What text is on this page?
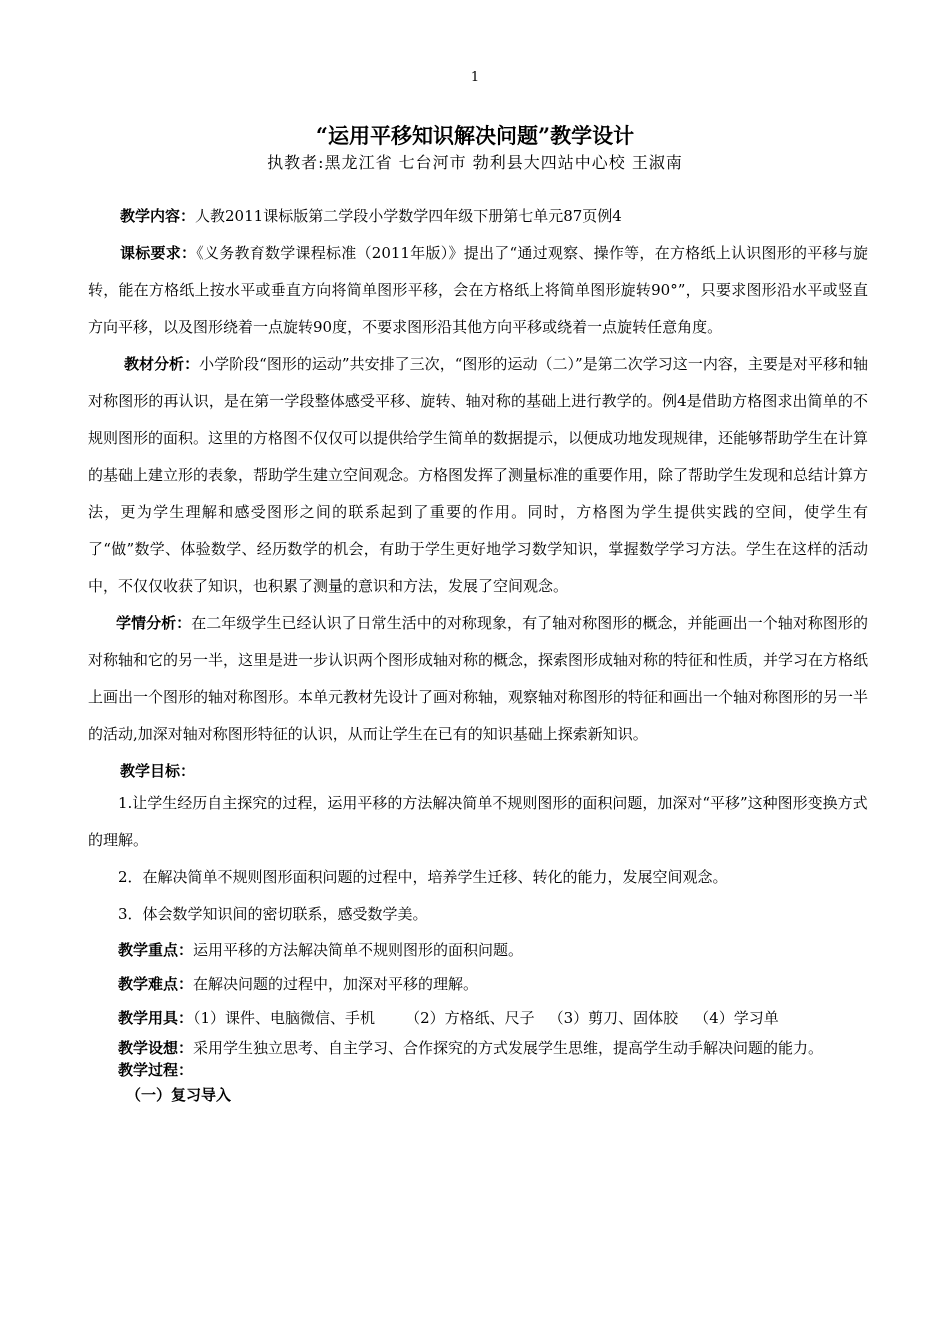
1
“运用平移知识解决问题”教学设计
执教者:黑龙江省 七台河市 勃利县大四站中心校 王淑南

教学内容：人教2011课标版第二学段小学数学四年级下册第七单元87页例4

课标要求：《义务教育数学课程标准（2011年版）》提出了“通过观察、操作等，在方格纸上认识图形的平移与旋转，能在方格纸上按水平或垂直方向将简单图形平移，会在方格纸上将简单图形旋转90°”，只要求图形沿水平或竖直方向平移，以及图形绕着一点旋转90度，不要求图形沿其他方向平移或绕着一点旋转任意角度。

教材分析：小学阶段“图形的运动”共安排了三次，“图形的运动（二）”是第二次学习这一内容，主要是对平移和轴对称图形的再认识，是在第一学段整体感受平移、旋转、轴对称的基础上进行教学的。例4是借助方格图求出简单的不规则图形的面积。这里的方格图不仅仅可以提供给学生简单的数据提示，以便成功地发现规律，还能够帮助学生在计算的基础上建立形的表象，帮助学生建立空间观念。方格图发挥了测量标准的重要作用，除了帮助学生发现和总结计算方法，更为学生理解和感受图形之间的联系起到了重要的作用。同时，方格图为学生提供实践的空间，使学生有了“做”数学、体验数学、经历数学的机会，有助于学生更好地学习数学知识，掌握数学学习方法。学生在这样的活动中，不仅仅收获了知识，也积累了测量的意识和方法，发展了空间观念。

学情分析：在二年级学生已经认识了日常生活中的对称现象，有了轴对称图形的概念，并能画出一个轴对称图形的对称轴和它的另一半，这里是进一步认识两个图形成轴对称的概念，探索图形成轴对称的特征和性质，并学习在方格纸上画出一个图形的轴对称图形。本单元教材先设计了画对称轴，观察轴对称图形的特征和画出一个轴对称图形的另一半的活动,加深对轴对称图形特征的认识，从而让学生在已有的知识基础上探索新知识。

教学目标：

1.让学生经历自主探究的过程，运用平移的方法解决简单不规则图形的面积问题，加深对“平移”这种图形变换方式的理解。

2．在解决简单不规则图形面积问题的过程中，培养学生迁移、转化的能力，发展空间观念。

3．体会数学知识间的密切联系，感受数学美。

教学重点：运用平移的方法解决简单不规则图形的面积问题。

教学难点：在解决问题的过程中，加深对平移的理解。

教学用具：（1）课件、电脑微信、手机 （2）方格纸、尺子 （3）剪刀、固体胶 （4）学习单

教学设想：采用学生独立思考、自主学习、合作探究的方式发展学生思维，提高学生动手解决问题的能力。

教学过程：

（一）复习导入
